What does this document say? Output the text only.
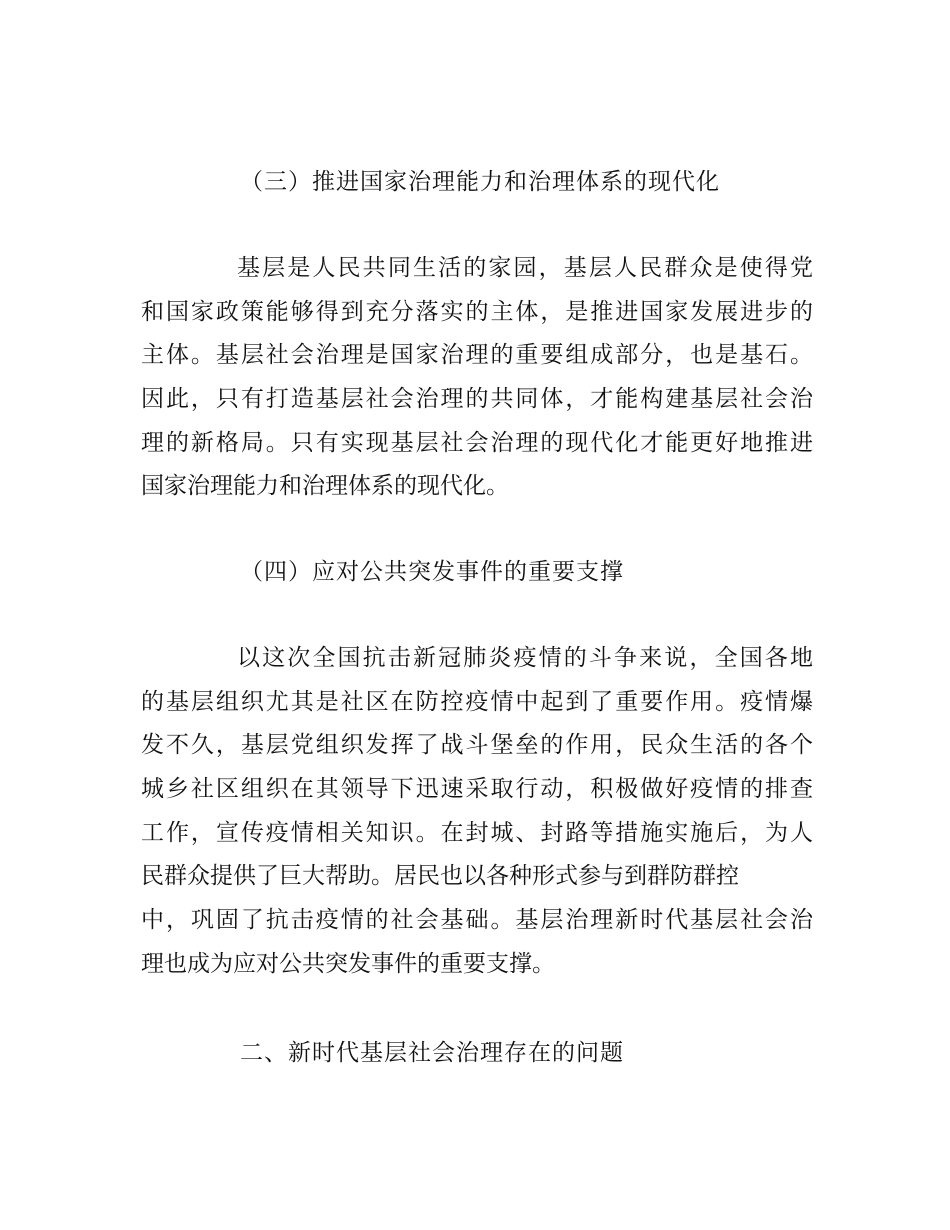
（三）推进国家治理能力和治理体系的现代化
基层是人民共同生活的家园，基层人民群众是使得党
和国家政策能够得到充分落实的主体，是推进国家发展进步的
主体。基层社会治理是国家治理的重要组成部分，也是基石。
因此，只有打造基层社会治理的共同体，才能构建基层社会治
理的新格局。只有实现基层社会治理的现代化才能更好地推进
国家治理能力和治理体系的现代化。
（四）应对公共突发事件的重要支撑
以这次全国抗击新冠肺炎疫情的斗争来说，全国各地
的基层组织尤其是社区在防控疫情中起到了重要作用。疫情爆
发不久，基层党组织发挥了战斗堡垒的作用，民众生活的各个
城乡社区组织在其领导下迅速采取行动，积极做好疫情的排查
工作，宣传疫情相关知识。在封城、封路等措施实施后，为人
民群众提供了巨大帮助。居民也以各种形式参与到群防群控
中，巩固了抗击疫情的社会基础。基层治理新时代基层社会治
理也成为应对公共突发事件的重要支撑。
二、新时代基层社会治理存在的问题
